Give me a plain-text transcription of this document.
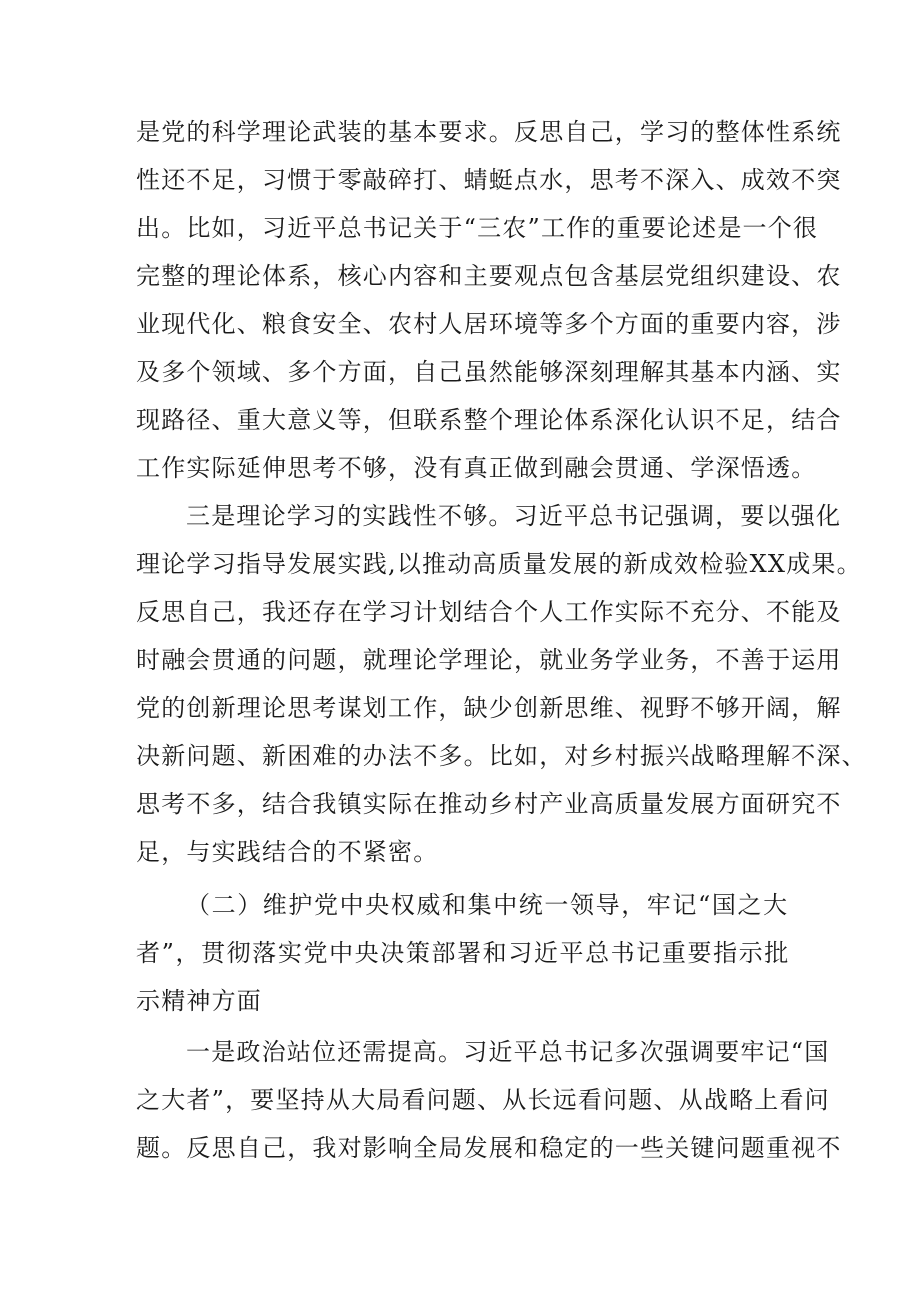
是党的科学理论武装的基本要求。反思自己，学习的整体性系统
性还不足，习惯于零敲碎打、蜻蜓点水，思考不深入、成效不突
出。比如，习近平总书记关于“三农”工作的重要论述是一个很
完整的理论体系，核心内容和主要观点包含基层党组织建设、农
业现代化、粮食安全、农村人居环境等多个方面的重要内容，涉
及多个领域、多个方面，自己虽然能够深刻理解其基本内涵、实
现路径、重大意义等，但联系整个理论体系深化认识不足，结合
工作实际延伸思考不够，没有真正做到融会贯通、学深悟透。
三是理论学习的实践性不够。习近平总书记强调，要以强化
理论学习指导发展实践,以推动高质量发展的新成效检验XX成果。
反思自己，我还存在学习计划结合个人工作实际不充分、不能及
时融会贯通的问题，就理论学理论，就业务学业务，不善于运用
党的创新理论思考谋划工作，缺少创新思维、视野不够开阔，解
决新问题、新困难的办法不多。比如，对乡村振兴战略理解不深、
思考不多，结合我镇实际在推动乡村产业高质量发展方面研究不
足，与实践结合的不紧密。
（二）维护党中央权威和集中统一领导，牢记“国之大
者”，贯彻落实党中央决策部署和习近平总书记重要指示批
示精神方面
一是政治站位还需提高。习近平总书记多次强调要牢记“国
之大者”，要坚持从大局看问题、从长远看问题、从战略上看问
题。反思自己，我对影响全局发展和稳定的一些关键问题重视不
